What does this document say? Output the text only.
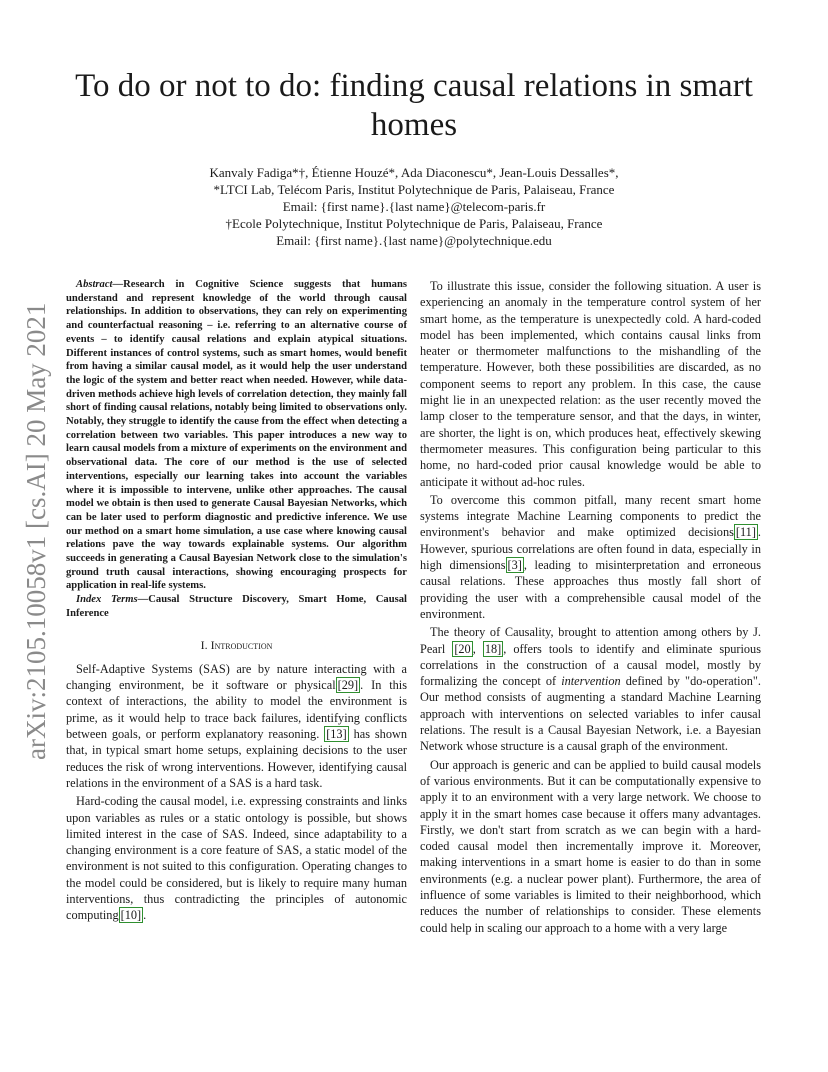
arXiv:2105.10058v1 [cs.AI] 20 May 2021
To do or not to do: finding causal relations in smart homes
Kanvaly Fadiga*†, Étienne Houzé*, Ada Diaconescu*, Jean-Louis Dessalles*,
*LTCI Lab, Telécom Paris, Institut Polytechnique de Paris, Palaiseau, France
Email: {first name}.{last name}@telecom-paris.fr
†Ecole Polytechnique, Institut Polytechnique de Paris, Palaiseau, France
Email: {first name}.{last name}@polytechnique.edu

Abstract—Research in Cognitive Science suggests that humans understand and represent knowledge of the world through causal relationships. In addition to observations, they can rely on experimenting and counterfactual reasoning – i.e. referring to an alternative course of events – to identify causal relations and explain atypical situations. Different instances of control systems, such as smart homes, would benefit from having a similar causal model, as it would help the user understand the logic of the system and better react when needed. However, while data-driven methods achieve high levels of correlation detection, they mainly fall short of finding causal relations, notably being limited to observations only. Notably, they struggle to identify the cause from the effect when detecting a correlation between two variables. This paper introduces a new way to learn causal models from a mixture of experiments on the environment and observational data. The core of our method is the use of selected interventions, especially our learning takes into account the variables where it is impossible to intervene, unlike other approaches. The causal model we obtain is then used to generate Causal Bayesian Networks, which can be later used to perform diagnostic and predictive inference. We use our method on a smart home simulation, a use case where knowing causal relations pave the way towards explainable systems. Our algorithm succeeds in generating a Causal Bayesian Network close to the simulation's ground truth causal interactions, showing encouraging prospects for application in real-life systems.

Index Terms—Causal Structure Discovery, Smart Home, Causal Inference

I. Introduction

Self-Adaptive Systems (SAS) are by nature interacting with a changing environment, be it software or physical [29] . In this context of interactions, the ability to model the environment is prime, as it would help to trace back failures, identifying conflicts between goals, or perform explanatory reasoning. [13] has shown that, in typical smart home setups, explaining decisions to the user reduces the risk of wrong interventions. However, identifying causal relations in the environment of a SAS is a hard task.

Hard-coding the causal model, i.e. expressing constraints and links upon variables as rules or a static ontology is possible, but shows limited interest in the case of SAS. Indeed, since adaptability to a changing environment is a core feature of SAS, a static model of the environment is not suited to this configuration. Operating changes to the model could be considered, but is likely to require many human interventions, thus contradicting the principles of autonomic computing [10] .

To illustrate this issue, consider the following situation. A user is experiencing an anomaly in the temperature control system of her smart home, as the temperature is unexpectedly cold. A hard-coded model has been implemented, which contains causal links from heater or thermometer malfunctions to the mishandling of the temperature. However, both these possibilities are discarded, as no component seems to report any problem. In this case, the cause might lie in an unexpected relation: as the user recently moved the lamp closer to the temperature sensor, and that the days, in winter, are shorter, the light is on, which produces heat, effectively skewing thermometer measures. This configuration being particular to this home, no hard-coded prior causal knowledge would be able to anticipate it without ad-hoc rules.

To overcome this common pitfall, many recent smart home systems integrate Machine Learning components to predict the environment's behavior and make optimized decisions [11] . However, spurious correlations are often found in data, especially in high dimensions [3] , leading to misinterpretation and erroneous causal relations. These approaches thus mostly fall short of providing the user with a comprehensible causal model of the environment.

The theory of Causality, brought to attention among others by J. Pearl [20 , 18] , offers tools to identify and eliminate spurious correlations in the construction of a causal model, mostly by formalizing the concept of intervention defined by "do-operation". Our method consists of augmenting a standard Machine Learning approach with interventions on selected variables to infer causal relations. The result is a Causal Bayesian Network, i.e. a Bayesian Network whose structure is a causal graph of the environment.

Our approach is generic and can be applied to build causal models of various environments. But it can be computationally expensive to apply it to an environment with a very large network. We choose to apply it in the smart homes case because it offers many advantages. Firstly, we don't start from scratch as we can begin with a hard-coded causal model then incrementally improve it. Moreover, making interventions in a smart home is easier to do than in some environments (e.g. a nuclear power plant). Furthermore, the area of influence of some variables is limited to their neighborhood, which reduces the number of relationships to consider. These elements could help in scaling our approach to a home with a very large
